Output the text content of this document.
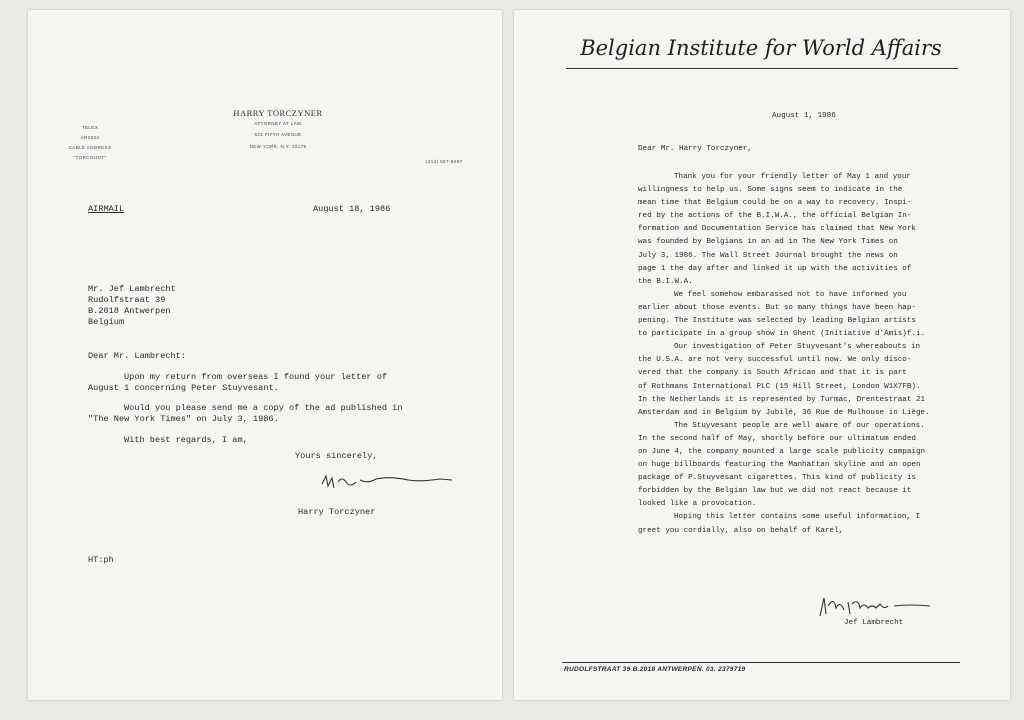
HARRY TORCZYNER
ATTORNEY AT LAW
521 FIFTH AVENUE
NEW YORK, N.Y. 10175
TELEX
AR2604
CABLE ADDRESS
"TORCOUNT"
(212) 687-8097
AIRMAIL	August 18, 1986
Mr. Jef Lambrecht
Rudolfstraat 39
B.2018 Antwerpen
Belgium
Dear Mr. Lambrecht:
Upon my return from overseas I found your letter of August 1 concerning Peter Stuyvesant.
Would you please send me a copy of the ad published in "The New York Times" on July 3, 1986.
With best regards, I am,
Yours sincerely,
Harry Torczyner
HT:ph
Belgian Institute for World Affairs
August 1, 1986
Dear Mr. Harry Torczyner,

Thank you for your friendly letter of May 1 and your
willingness to help us. Some signs seem to indicate in the
mean time that Belgium could be on a way to recovery. Inspi-
red by the actions of the B.I.W.A., the official Belgian In-
formation and Documentation Service has claimed that New York
was founded by Belgians in an ad in The New York Times on
July 3, 1986. The Wall Street Journal brought the news on
page 1 the day after and linked it up with the activities of
the B.I.W.A.

We feel somehow embarassed not to have informed you
earlier about those events. But so many things have been hap-
pening. The Institute was selected by leading Belgian artists
to participate in a group show in Ghent (Initiative d'Amis)f.i.

Our investigation of Peter Stuyvesant's whereabouts in
the U.S.A. are not very successful until now. We only disco-
vered that the company is South African and that it is part
of Rothmans International PLC (15 Hill Street, London W1X7FB).
In the Netherlands it is represented by Turmac, Drentestraat 21
Amsterdam and in Belgium by Jubilé, 36 Rue de Mulhouse in Liège.

The Stuyvesant people are well aware of our operations.
In the second half of May, shortly before our ultimatum ended
on June 4, the company mounted a large scale publicity campaign
on huge billboards featuring the Manhattan skyline and an open
package of P.Stuyvesant cigarettes. This kind of publicity is
forbidden by the Belgian law but we did not react because it
looked like a provocation.

Hoping this letter contains some useful information, I
greet you cordially, also on behalf of Karel,

Jef Lambrecht
RUDOLFSTRAAT 39 B.2018 ANTWERPEN. 03. 2379719
